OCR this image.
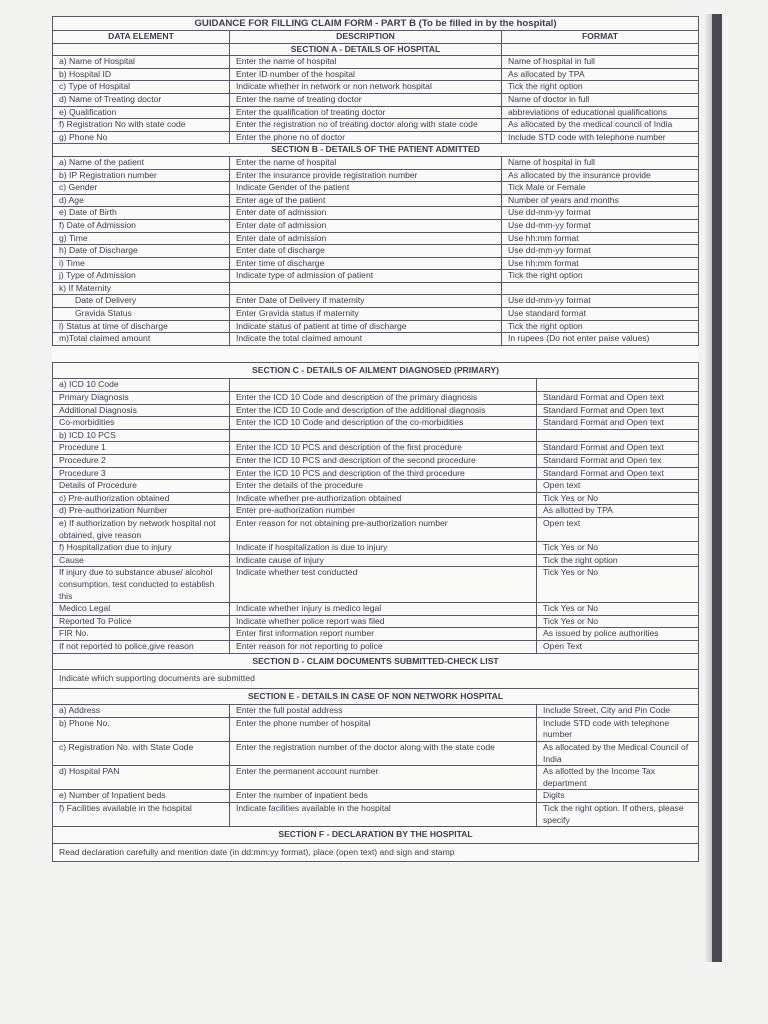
GUIDANCE FOR FILLING CLAIM FORM - PART B (To be filled in by the hospital)		
DATA ELEMENT	DESCRIPTION	FORMAT
	SECTION A - DETAILS OF HOSPITAL	
a) Name of Hospital	Enter the name of hospital	Name of hospital in full
b) Hospital ID	Enter ID number of the hospital	As allocated by TPA
c) Type of Hospital	Indicate whether in network or non network hospital	Tick the right option
d) Name of Treating doctor	Enter the name of treating doctor	Name of doctor in full
e) Qualification	Enter the qualification of treating doctor	abbreviations of educational qualifications
f) Registration No with state code	Enter the registration no of treating doctor along with state code	As allocated by the medical council of India
g) Phone No	Enter the phone no of doctor	Include STD code with telephone number
SECTION B - DETAILS OF THE PATIENT ADMITTED		
a) Name of the patient	Enter the name of hospital	Name of hospital in full
b) IP Registration number	Enter the insurance provide registration number	As allocated by the insurance provide
c) Gender	Indicate Gender of the patient	Tick Male or Female
d) Age	Enter age of the patient	Number of years and months
e) Date of Birth	Enter date of admission	Use dd-mm-yy format
f) Date of Admission	Enter date of admission	Use dd-mm-yy format
g) Time	Enter date of admission	Use hh:mm format
h) Date of Discharge	Enter date of discharge	Use dd-mm-yy format
i) Time	Enter time of discharge	Use hh:mm format
j) Type of Admission	Indicate type of admission of patient	Tick the right option
k) If Maternity		
Date of Delivery	Enter Date of Delivery if maternity	Use dd-mm-yy format
Gravida Status	Enter Gravida status if maternity	Use standard format
l) Status at time of discharge	Indicate status of patient at time of discharge	Tick the right option
m)Total claimed amount	Indicate the total claimed amount	In rupees (Do not enter paise values)
SECTION C - DETAILS OF AILMENT DIAGNOSED (PRIMARY)		
a) ICD 10 Code		
Primary Diagnosis	Enter the ICD 10 Code and description of the primary diagnosis	Standard Format and Open text
Additional Diagnosis	Enter the ICD 10 Code and description of the additional diagnosis	Standard Format and Open text
Co-morbidities	Enter the ICD 10 Code and description of the co-morbidities	Standard Format and Open text
b) ICD 10 PCS		
Procedure 1	Enter the ICD 10 PCS and description of the first procedure	Standard Format and Open text
Procedure 2	Enter the ICD 10 PCS and description of the second procedure	Standard Format and Open tex
Procedure 3	Enter the ICD 10 PCS and description of the third procedure	Standard Format and Open text
Details of Procedure	Enter the details of the procedure	Open text
c) Pre-authorization obtained	Indicate whether pre-authorization obtained	Tick Yes or No
d) Pre-authorization Number	Enter pre-authorization number	As allotted by TPA
e) If authorization by network hospital not obtained, give reason	Enter reason for not obtaining pre-authorization number	Open text
f) Hospitalization due to injury	Indicate if hospitalization is due to injury	Tick Yes or No
Cause	Indicate cause of injury	Tick the right option
If injury due to substance abuse/ alcohol consumption, test conducted to establish this	Indicate whether test conducted	Tick Yes or No
Medico Legal	Indicate whether injury is medico legal	Tick Yes or No
Reported To Police	Indicate whether police report was filed	Tick Yes or No
FIR No.	Enter first information report number	As issued by police authorities
If not reported to police,give reason	Enter reason for not reporting to police	Open Text
SECTION D - CLAIM DOCUMENTS SUBMITTED-CHECK LIST		
Indicate which supporting documents are submitted		
SECTION E - DETAILS IN CASE OF NON NETWORK HOSPITAL		
a) Address	Enter the full postal address	Include Street, City and Pin Code
b) Phone No.	Enter the phone number of hospital	Include STD code with telephone number
c) Registration No. with State Code	Enter the registration number of the doctor along with the state code	As allocated by the Medical Council of India
d) Hospital PAN	Enter the permanent account number	As allotted by the Income Tax department
e) Number of Inpatient beds	Enter the number of inpatient beds	Digits
f) Facilities available in the hospital	Indicate facilities available in the hospital	Tick the right option. If others, please specify
SECTION F - DECLARATION BY THE HOSPITAL		
Read declaration carefully and mention date (in dd:mm:yy format), place (open text) and sign and stamp		
